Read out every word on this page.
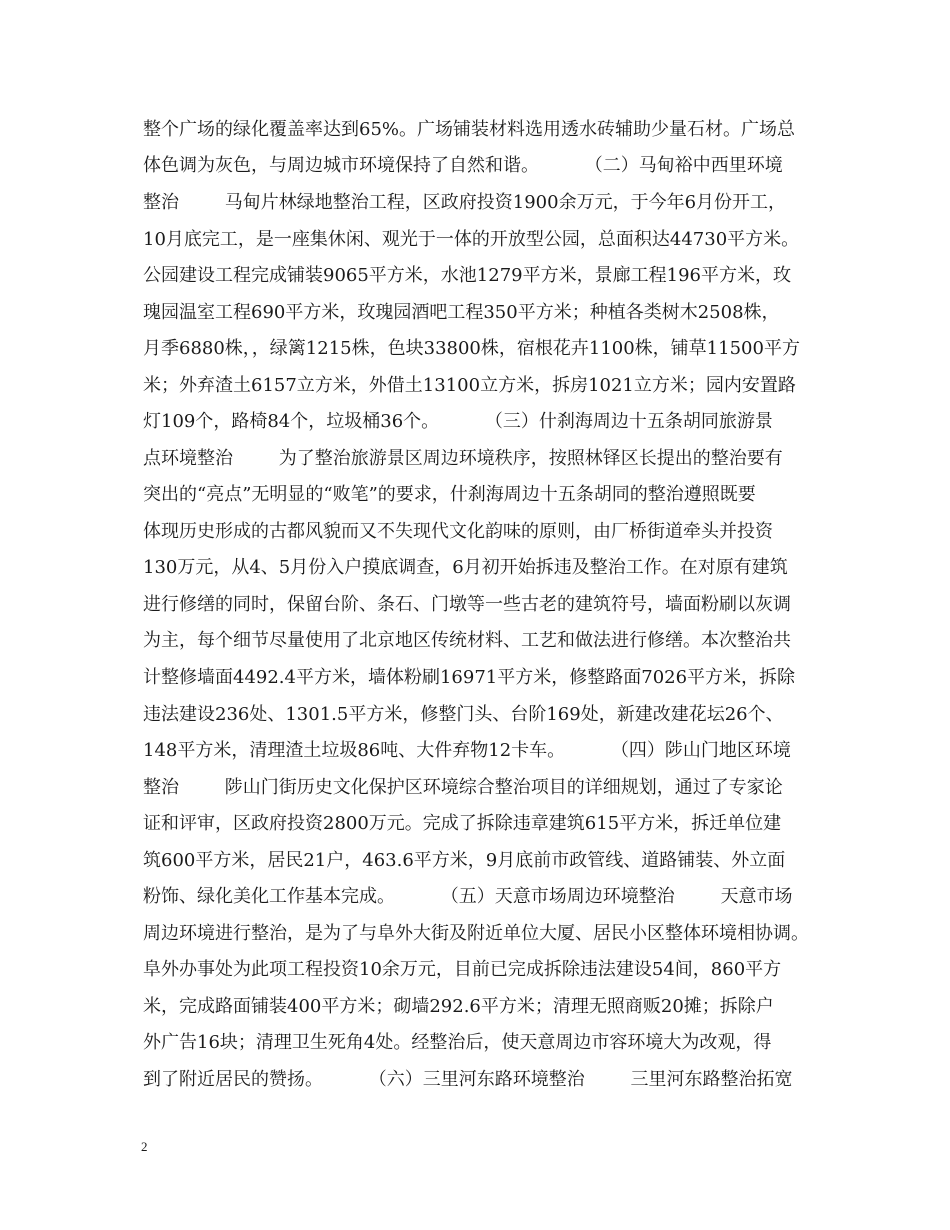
整个广场的绿化覆盖率达到65%。广场铺装材料选用透水砖辅助少量石材。广场总
体色调为灰色，与周边城市环境保持了自然和谐。        （二）马甸裕中西里环境
整治        马甸片林绿地整治工程，区政府投资1900余万元，于今年6月份开工，
10月底完工，是一座集休闲、观光于一体的开放型公园，总面积达44730平方米。
公园建设工程完成铺装9065平方米，水池1279平方米，景廊工程196平方米，玫
瑰园温室工程690平方米，玫瑰园酒吧工程350平方米；种植各类树木2508株，
月季6880株，，绿篱1215株，色块33800株，宿根花卉1100株，铺草11500平方
米；外弃渣土6157立方米，外借土13100立方米，拆房1021立方米；园内安置路
灯109个，路椅84个，垃圾桶36个。        （三）什刹海周边十五条胡同旅游景
点环境整治        为了整治旅游景区周边环境秩序，按照林铎区长提出的整治要有
突出的“亮点”无明显的“败笔”的要求，什刹海周边十五条胡同的整治遵照既要
体现历史形成的古都风貌而又不失现代文化韵味的原则，由厂桥街道牵头并投资
130万元，从4、5月份入户摸底调查，6月初开始拆违及整治工作。在对原有建筑
进行修缮的同时，保留台阶、条石、门墩等一些古老的建筑符号，墙面粉刷以灰调
为主，每个细节尽量使用了北京地区传统材料、工艺和做法进行修缮。本次整治共
计整修墙面4492.4平方米，墙体粉刷16971平方米，修整路面7026平方米，拆除
违法建设236处、1301.5平方米，修整门头、台阶169处，新建改建花坛26个、
148平方米，清理渣土垃圾86吨、大件弃物12卡车。        （四）陟山门地区环境
整治        陟山门街历史文化保护区环境综合整治项目的详细规划，通过了专家论
证和评审，区政府投资2800万元。完成了拆除违章建筑615平方米，拆迁单位建
筑600平方米，居民21户，463.6平方米，9月底前市政管线、道路铺装、外立面
粉饰、绿化美化工作基本完成。        （五）天意市场周边环境整治        天意市场
周边环境进行整治，是为了与阜外大街及附近单位大厦、居民小区整体环境相协调。
阜外办事处为此项工程投资10余万元，目前已完成拆除违法建设54间，860平方
米，完成路面铺装400平方米；砌墙292.6平方米；清理无照商贩20摊；拆除户
外广告16块；清理卫生死角4处。经整治后，使天意周边市容环境大为改观，得
到了附近居民的赞扬。        （六）三里河东路环境整治        三里河东路整治拓宽
2
